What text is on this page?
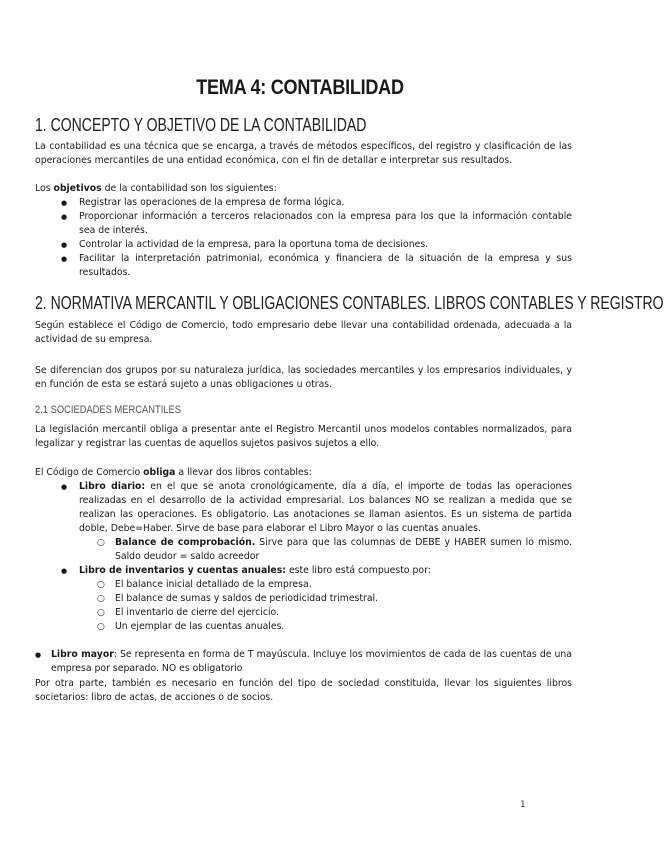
TEMA 4: CONTABILIDAD
1. CONCEPTO Y OBJETIVO DE LA CONTABILIDAD
La contabilidad es una técnica que se encarga, a través de métodos específicos, del registro y clasificación de las operaciones mercantiles de una entidad económica, con el fin de detallar e interpretar sus resultados.
Los objetivos de la contabilidad son los siguientes:
● Registrar las operaciones de la empresa de forma lógica.
● Proporcionar información a terceros relacionados con la empresa para los que la información contable sea de interés.
● Controlar la actividad de la empresa, para la oportuna toma de decisiones.
● Facilitar la interpretación patrimonial, económica y financiera de la situación de la empresa y sus resultados.
2. NORMATIVA MERCANTIL Y OBLIGACIONES CONTABLES. LIBROS CONTABLES Y REGISTRO
Según establece el Código de Comercio, todo empresario debe llevar una contabilidad ordenada, adecuada a la actividad de su empresa.
Se diferencian dos grupos por su naturaleza jurídica, las sociedades mercantiles y los empresarios individuales, y en función de esta se estará sujeto a unas obligaciones u otras.
2.1 SOCIEDADES MERCANTILES
La legislación mercantil obliga a presentar ante el Registro Mercantil unos modelos contables normalizados, para legalizar y registrar las cuentas de aquellos sujetos pasivos sujetos a ello.
El Código de Comercio obliga a llevar dos libros contables:
● Libro diario: en el que se anota cronológicamente, día a día, el importe de todas las operaciones realizadas en el desarrollo de la actividad empresarial. Los balances NO se realizan a medida que se realizan las operaciones. Es obligatorio. Las anotaciones se llaman asientos. Es un sistema de partida doble, Debe=Haber. Sirve de base para elaborar el Libro Mayor o las cuentas anuales.
○ Balance de comprobación. Sirve para que las columnas de DEBE y HABER sumen lo mismo. Saldo deudor = saldo acreedor
● Libro de inventarios y cuentas anuales: este libro está compuesto por:
○ El balance inicial detallado de la empresa.
○ El balance de sumas y saldos de periodicidad trimestral.
○ El inventario de cierre del ejercicio.
○ Un ejemplar de las cuentas anuales.
● Libro mayor: Se representa en forma de T mayúscula. Incluye los movimientos de cada de las cuentas de una empresa por separado. NO es obligatorio
Por otra parte, también es necesario en función del tipo de sociedad constituida, llevar los siguientes libros societarios: libro de actas, de acciones o de socios.
1
